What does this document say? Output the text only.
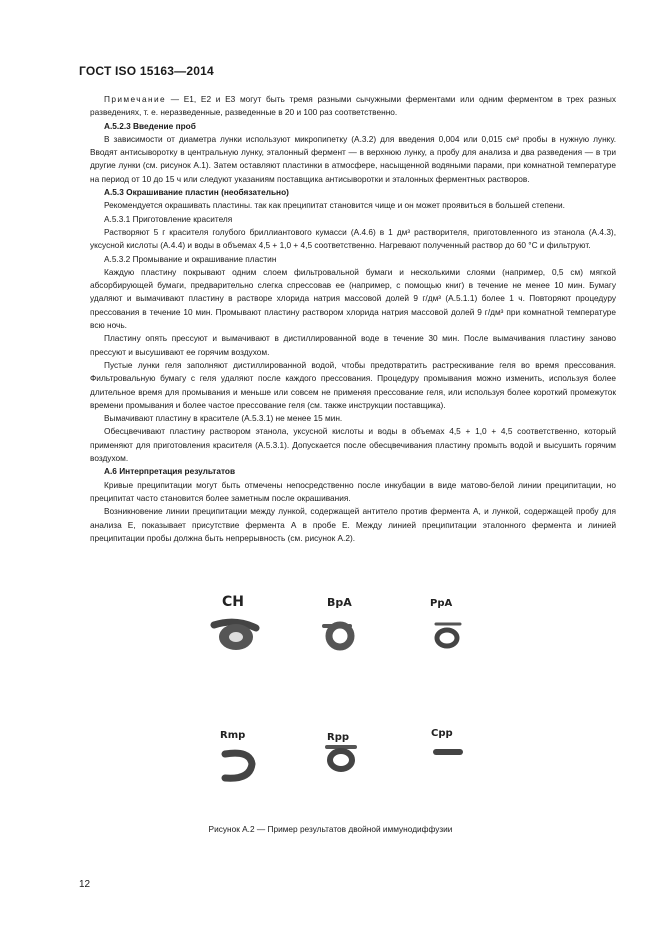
ГОСТ ISO 15163—2014

Примечание — E1, E2 и E3 могут быть тремя разными сычужными ферментами или одним ферментом в трех разных разведениях, т. е. неразведенные, разведенные в 20 и 100 раз соответственно.

А.5.2.3 Введение проб

В зависимости от диаметра лунки используют микропипетку (А.3.2) для введения 0,004 или 0,015 см³ пробы в нужную лунку. Вводят антисыворотку в центральную лунку, эталонный фермент — в верхнюю лунку, а пробу для анализа и два разведения — в три другие лунки (см. рисунок А.1). Затем оставляют пластинки в атмосфере, насыщенной водяными парами, при комнатной температуре на период от 10 до 15 ч или следуют указаниям поставщика антисыворотки и эталонных ферментных растворов.

А.5.3 Окрашивание пластин (необязательно)

Рекомендуется окрашивать пластины. так как преципитат становится чище и он может проявиться в большей степени.

А.5.3.1 Приготовление красителя

Растворяют 5 г красителя голубого бриллиантового кумасси (А.4.6) в 1 дм³ растворителя, приготовленного из этанола (А.4.3), уксусной кислоты (А.4.4) и воды в объемах 4,5 + 1,0 + 4,5 соответственно. Нагревают полученный раствор до 60 °С и фильтруют.

А.5.3.2 Промывание и окрашивание пластин

Каждую пластину покрывают одним слоем фильтровальной бумаги и несколькими слоями (например, 0,5 см) мягкой абсорбирующей бумаги, предварительно слегка спрессовав ее (например, с помощью книг) в течение не менее 10 мин. Бумагу удаляют и вымачивают пластину в растворе хлорида натрия массовой долей 9 г/дм³ (А.5.1.1) более 1 ч. Повторяют процедуру прессования в течение 10 мин. Промывают пластину раствором хлорида натрия массовой долей 9 г/дм³ при комнатной температуре всю ночь.

Пластину опять прессуют и вымачивают в дистиллированной воде в течение 30 мин. После вымачивания пластину заново прессуют и высушивают ее горячим воздухом.

Пустые лунки геля заполняют дистиллированной водой, чтобы предотвратить растрескивание геля во время прессования. Фильтровальную бумагу с геля удаляют после каждого прессования. Процедуру промывания можно изменить, используя более длительное время для промывания и меньше или совсем не применяя прессование геля, или используя более короткий промежуток времени промывания и более частое прессование геля (см. также инструкции поставщика).

Вымачивают пластину в красителе (А.5.3.1) не менее 15 мин.

Обесцвечивают пластину раствором этанола, уксусной кислоты и воды в объемах 4,5 + 1,0 + 4,5 соответственно, который применяют для приготовления красителя (А.5.3.1). Допускается после обесцвечивания пластину промыть водой и высушить горячим воздухом.

А.6 Интерпретация результатов

Кривые преципитации могут быть отмечены непосредственно после инкубации в виде матово-белой линии преципитации, но преципитат часто становится более заметным после окрашивания.

Возникновение линии преципитации между лункой, содержащей антитело против фермента А, и лункой, содержащей пробу для анализа Е, показывает присутствие фермента А в пробе Е. Между линией преципитации эталонного фермента и линией преципитации пробы должна быть непрерывность (см. рисунок А.2).

CH	BpA	PpA
Rmp	Rpp	Cpp
Рисунок А.2 — Пример результатов двойной иммунодиффузии
12
